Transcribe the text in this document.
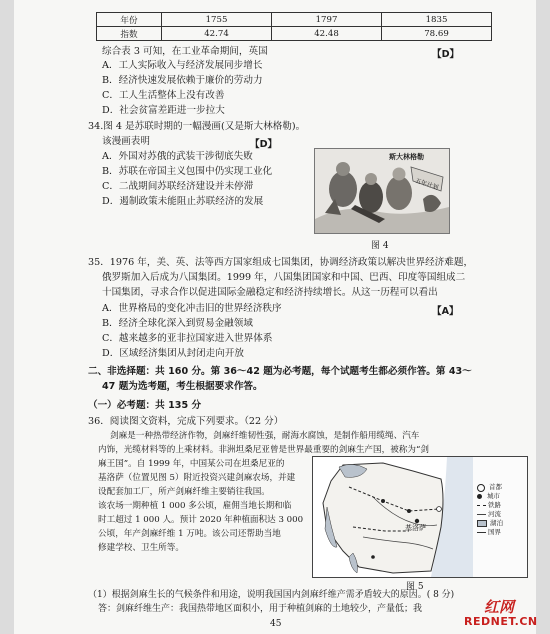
年份	1755	1797	1835
指数	42.74	42.48	78.69
综合表 3 可知，在工业革命期间，英国	【D】
A．工人实际收入与经济发展同步增长
B．经济快速发展依赖于廉价的劳动力
C．工人生活整体上没有改善
D．社会贫富差距进一步拉大
34.图 4 是苏联时期的一幅漫画(又是斯大林格勒)。
该漫画表明	【D】
A．外国对苏俄的武装干涉彻底失败
B．苏联在帝国主义包围中仍实现工业化
C．二战期间苏联经济建设并未停滞
D．遏制政策未能阻止苏联经济的发展
斯大林格勒
五年计划
图 4
35．1976 年，美、英、法等西方国家组成七国集团，协调经济政策以解决世界经济难题，
俄罗斯加入后成为八国集团。1999 年，八国集团国家和中国、巴西、印度等国组成二
十国集团，寻求合作以促进国际金融稳定和经济持续增长。从这一历程可以看出
【A】
A．世界格局的变化冲击旧的世界经济秩序
B．经济全球化深入到贸易金融领域
C．越来越多的亚非拉国家进入世界体系
D．区域经济集团从封闭走向开放
二、非选择题：共 160 分。第 36～42 题为必考题，每个试题考生都必须作答。第 43～
47 题为选考题，考生根据要求作答。
（一）必考题：共 135 分
36．阅读图文资料，完成下列要求。（22 分）
剑麻是一种热带经济作物，剑麻纤维韧性强，耐海水腐蚀，是制作船用缆绳、汽车
内饰，光缆材料等的上乘材料。非洲坦桑尼亚曾是世界最重要的剑麻生产国，被称为“剑
麻王国”。自 1999 年，中国某公司在坦桑尼亚的
基洛萨（位置见图 5）附近投资兴建剑麻农场，并建
设配套加工厂，所产剑麻纤维主要销往我国。
该农场一期种植 1 000 多公顷，雇佣当地长期和临
时工超过 1 000 人。预计 2020 年种植面积达 3 000
公顷，年产剑麻纤维 1 万吨。该公司还帮助当地
修建学校、卫生所等。
基洛萨
首都
城市
铁路
河流
湖泊
国界
图 5
（1）根据剑麻生长的气候条件和用途，说明我国国内剑麻纤维产需矛盾较大的原因。( 8 分)
答：剑麻纤维生产：我国热带地区面积小，用于种植剑麻的土地较少，产量低；我
45
红网
REDNET.CN
